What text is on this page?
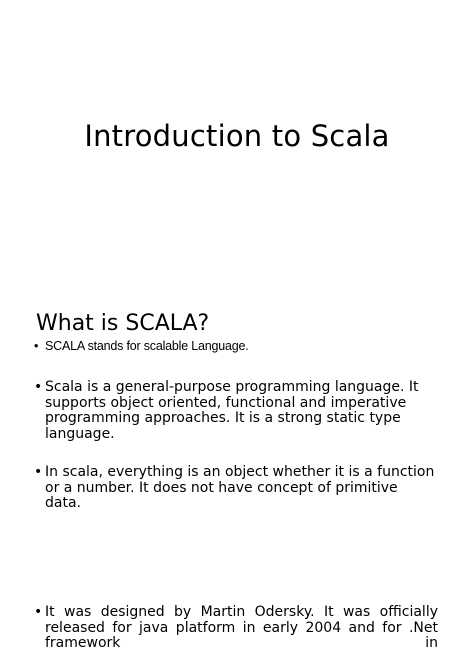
Introduction to Scala
What is SCALA?

• SCALA stands for scalable Language.

• Scala is a general-purpose programming language. It supports object oriented, functional and imperative programming approaches. It is a strong static type language.

• In scala, everything is an object whether it is a function or a number. It does not have concept of primitive data.

• It was designed by Martin Odersky. It was officially released for java platform in early 2004 and for .Net framework in
